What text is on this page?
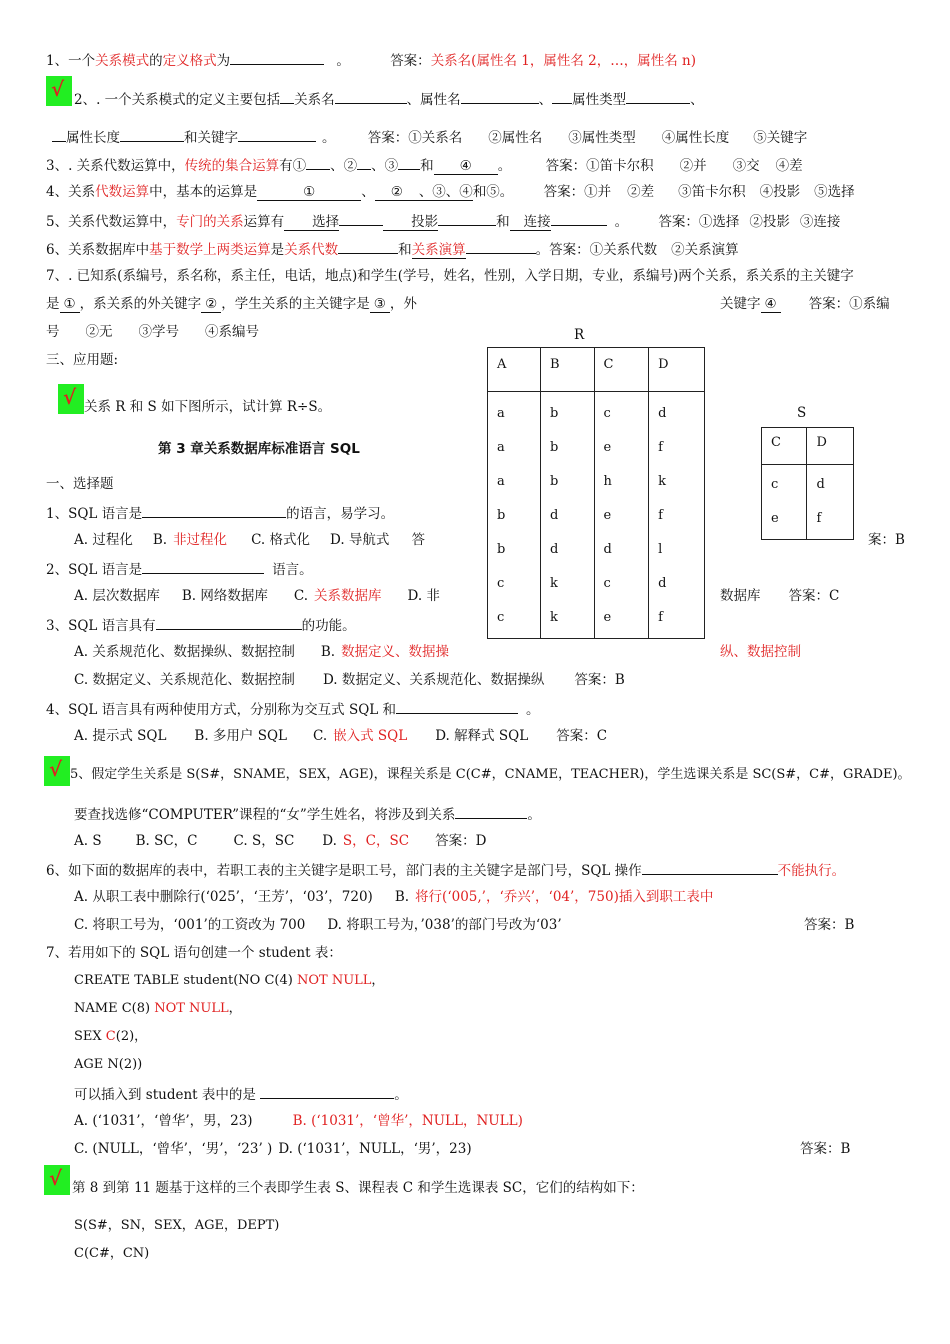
1、一个关系模式的定义格式为	。	答案：关系名(属性名 1，属性名 2，…，属性名 n)
√ 2、. 一个关系模式的定义主要包括 关系名	、属性名	、 属性类型	、
属性长度	和关键字	。 答案：①关系名 ②属性名 ③属性类型 ④属性长度 ⑤关键字
3、. 关系代数运算中，传统的集合运算有① 、② 、③ 和 ④ 。	答案：①笛卡尔积 ②并 ③交 ④差
4、关系代数运算中，基本的运算是	①	、 ② 、③、④和⑤。 答案：①并 ②差 ③笛卡尔积 ④投影 ⑤选择
5、关系代数运算中，专门的关系运算有 选择	投影	和 连接	。 答案：①选择 ②投影 ③连接
6、关系数据库中基于数学上两类运算是关系代数	和关系演算	。答案：①关系代数 ②关系演算
7、. 已知系(系编号，系名称，系主任，电话，地点)和学生(学号，姓名，性别，入学日期，专业，系编号)两个关系，系关系的主关键字
是 ① ，系关系的外关键字 ② ，学生关系的主关键字是 ③ ，外	关键字 ④ 答案：①系编
号 ②无 ③学号 ④系编号
三、应用题:
√ 关系 R 和 S 如下图所示，试计算 R÷S。
第 3 章关系数据库标准语言 SQL
R
A	B	C	D
a	b	c	d
a	b	e	f
a	b	h	k
b	d	e	f
b	d	d	l
c	k	c	d
c	k	e	f
S
C	D
c	d
e	f
一、选择题
1、SQL 语言是	的语言，易学习。
A. 过程化 B. 非过程化 C. 格式化 D. 导航式 答	案：B
2、SQL 语言是	语言。
A. 层次数据库 B. 网络数据库 C. 关系数据库 D. 非	数据库 答案：C
3、SQL 语言具有	的功能。
A. 关系规范化、数据操纵、数据控制 B. 数据定义、数据操	纵、数据控制
C. 数据定义、关系规范化、数据控制 D. 数据定义、关系规范化、数据操纵 答案：B
4、SQL 语言具有两种使用方式，分别称为交互式 SQL 和	。
A. 提示式 SQL B. 多用户 SQL C. 嵌入式 SQL D. 解释式 SQL 答案：C
√ 5、假定学生关系是 S(S#，SNAME，SEX，AGE)，课程关系是 C(C#，CNAME，TEACHER)，学生选课关系是 SC(S#，C#，GRADE)。
要查找选修“COMPUTER”课程的“女”学生姓名，将涉及到关系	。
A. S	B. SC，C	C. S，SC D. S，C，SC 答案：D
6、如下面的数据库的表中，若职工表的主关键字是职工号，部门表的主关键字是部门号，SQL 操作	不能执行。
A. 从职工表中删除行(‘025’，‘王芳’，‘03’，720) B. 将行(‘005,’，‘乔兴’，‘04’，750)插入到职工表中
C. 将职工号为，‘001’的工资改为 700 D. 将职工号为，’038’的部门号改为‘03’	答案：B
7、若用如下的 SQL 语句创建一个 student 表：
CREATE TABLE student(NO C(4) NOT NULL，
NAME C(8) NOT NULL，
SEX C(2)，
AGE N(2))
可以插入到 student 表中的是	。
A. (‘1031’，‘曾华’，男，23)	B. (‘1031’，‘曾华’，NULL，NULL)
C. (NULL，‘曾华’，‘男’，‘23’ ) D. (‘1031’，NULL，‘男’，23)	答案：B
√ 第 8 到第 11 题基于这样的三个表即学生表 S、课程表 C 和学生选课表 SC，它们的结构如下：
S(S#，SN，SEX，AGE，DEPT)
C(C#，CN)
